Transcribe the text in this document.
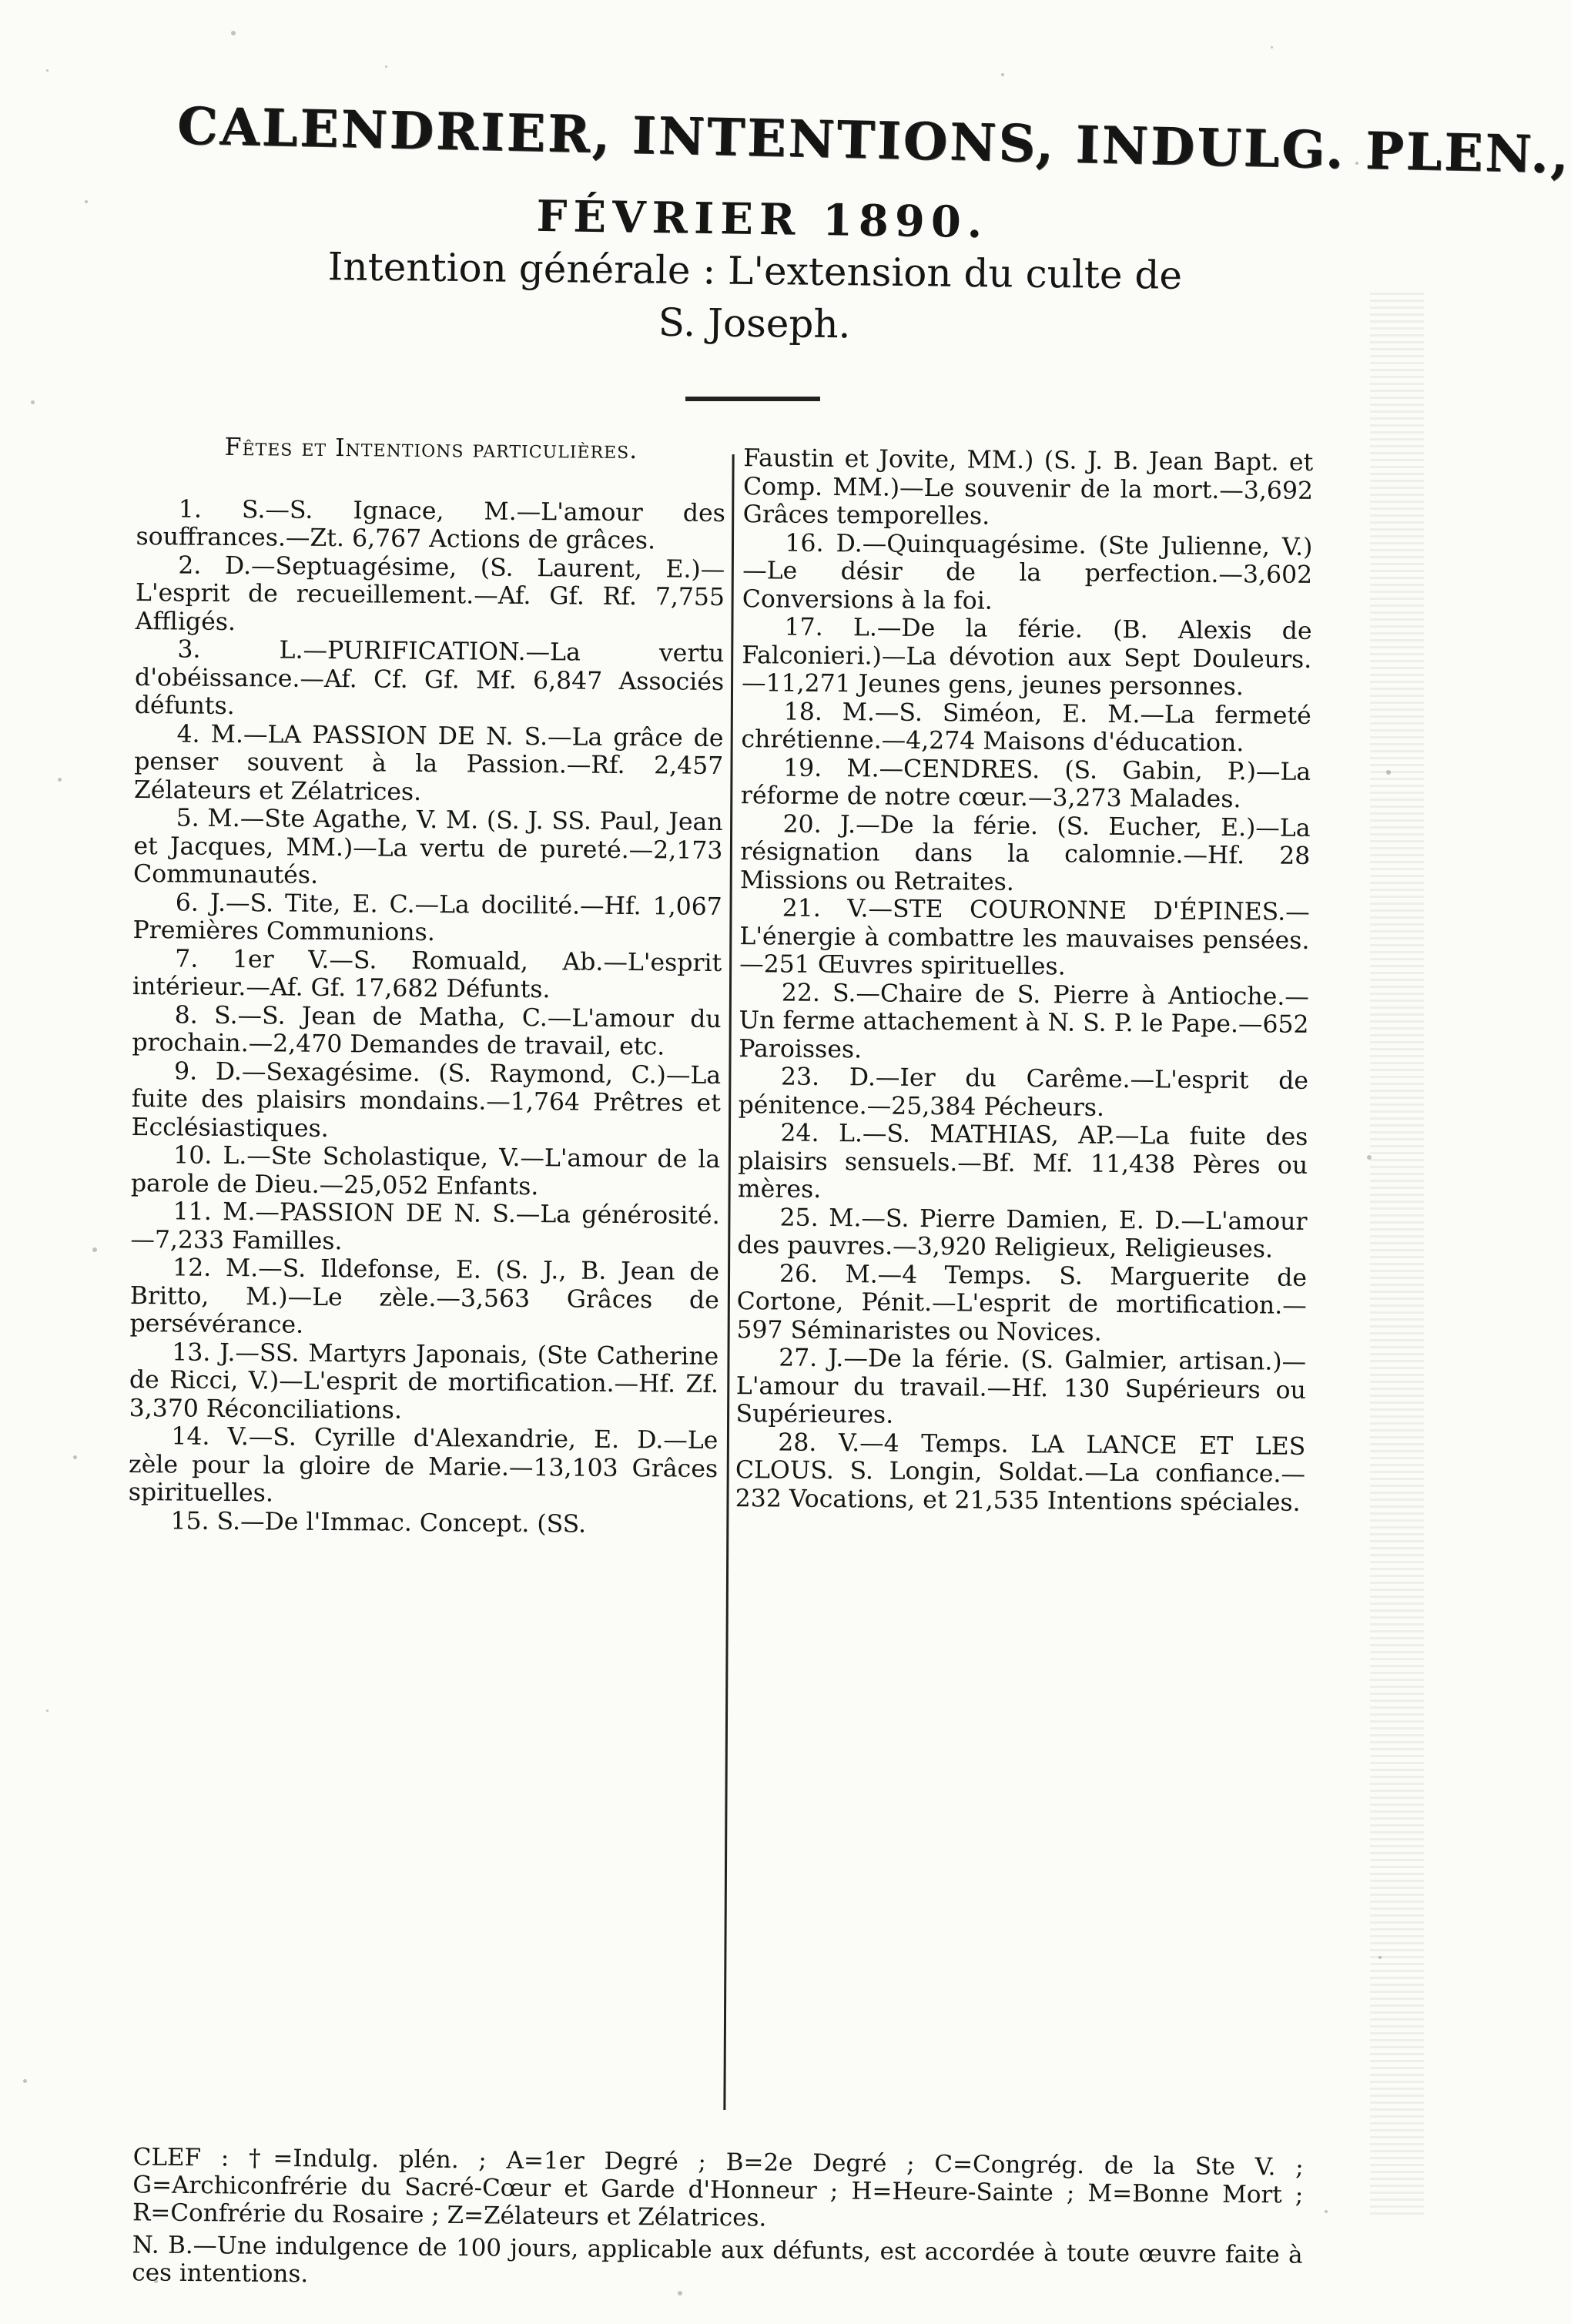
CALENDRIER, INTENTIONS, INDULG. PLEN.,
FÉVRIER 1890.
Intention générale : L'extension du culte de
S. Joseph.
Fêtes et Intentions particulières.

1. S.—S. Ignace, M.—L'amour des souffrances.—Zt. 6,767 Actions de grâces.

2. D.—Septuagésime, (S. Laurent, E.)—L'esprit de recueillement.—Af. Gf. Rf. 7,755 Affligés.

3. L.—PURIFICATION.—La vertu d'obéissance.—Af. Cf. Gf. Mf. 6,847 Associés défunts.

4. M.—LA PASSION DE N. S.—La grâce de penser souvent à la Passion.—Rf. 2,457 Zélateurs et Zélatrices.

5. M.—Ste Agathe, V. M. (S. J. SS. Paul, Jean et Jacques, MM.)—La vertu de pureté.—2,173 Communautés.

6. J.—S. Tite, E. C.—La docilité.—Hf. 1,067 Premières Communions.

7. 1er V.—S. Romuald, Ab.—L'esprit intérieur.—Af. Gf. 17,682 Défunts.

8. S.—S. Jean de Matha, C.—L'amour du prochain.—2,470 Demandes de travail, etc.

9. D.—Sexagésime. (S. Raymond, C.)—La fuite des plaisirs mondains.—1,764 Prêtres et Ecclésiastiques.

10. L.—Ste Scholastique, V.—L'amour de la parole de Dieu.—25,052 Enfants.

11. M.—PASSION DE N. S.—La générosité.—7,233 Familles.

12. M.—S. Ildefonse, E. (S. J., B. Jean de Britto, M.)—Le zèle.—3,563 Grâces de persévérance.

13. J.—SS. Martyrs Japonais, (Ste Catherine de Ricci, V.)—L'esprit de mortification.—Hf. Zf. 3,370 Réconciliations.

14. V.—S. Cyrille d'Alexandrie, E. D.—Le zèle pour la gloire de Marie.—13,103 Grâces spirituelles.

15. S.—De l'Immac. Concept. (SS.

Faustin et Jovite, MM.) (S. J. B. Jean Bapt. et Comp. MM.)—Le souvenir de la mort.—3,692 Grâces temporelles.

16. D.—Quinquagésime. (Ste Julienne, V.)—Le désir de la perfection.—3,602 Conversions à la foi.

17. L.—De la férie. (B. Alexis de Falconieri.)—La dévotion aux Sept Douleurs.—11,271 Jeunes gens, jeunes personnes.

18. M.—S. Siméon, E. M.—La fermeté chrétienne.—4,274 Maisons d'éducation.

19. M.—CENDRES. (S. Gabin, P.)—La réforme de notre cœur.—3,273 Malades.

20. J.—De la férie. (S. Eucher, E.)—La résignation dans la calomnie.—Hf. 28 Missions ou Retraites.

21. V.—STE COURONNE D'ÉPINES.—L'énergie à combattre les mauvaises pensées.—251 Œuvres spirituelles.

22. S.—Chaire de S. Pierre à Antioche.—Un ferme attachement à N. S. P. le Pape.—652 Paroisses.

23. D.—Ier du Carême.—L'esprit de pénitence.—25,384 Pécheurs.

24. L.—S. MATHIAS, AP.—La fuite des plaisirs sensuels.—Bf. Mf. 11,438 Pères ou mères.

25. M.—S. Pierre Damien, E. D.—L'amour des pauvres.—3,920 Religieux, Religieuses.

26. M.—4 Temps. S. Marguerite de Cortone, Pénit.—L'esprit de mortification.—597 Séminaristes ou Novices.

27. J.—De la férie. (S. Galmier, artisan.)—L'amour du travail.—Hf. 130 Supérieurs ou Supérieures.

28. V.—4 Temps. LA LANCE ET LES CLOUS. S. Longin, Soldat.—La confiance.—232 Vocations, et 21,535 Intentions spéciales.

CLEF : †=Indulg. plén. ; A=1er Degré ; B=2e Degré ; C=Congrég. de la Ste V. ; G=Archiconfrérie du Sacré-Cœur et Garde d'Honneur ; H=Heure-Sainte ; M=Bonne Mort ; R=Confrérie du Rosaire ; Z=Zélateurs et Zélatrices.

N. B.—Une indulgence de 100 jours, applicable aux défunts, est accordée à toute œuvre faite à ces intentions.
